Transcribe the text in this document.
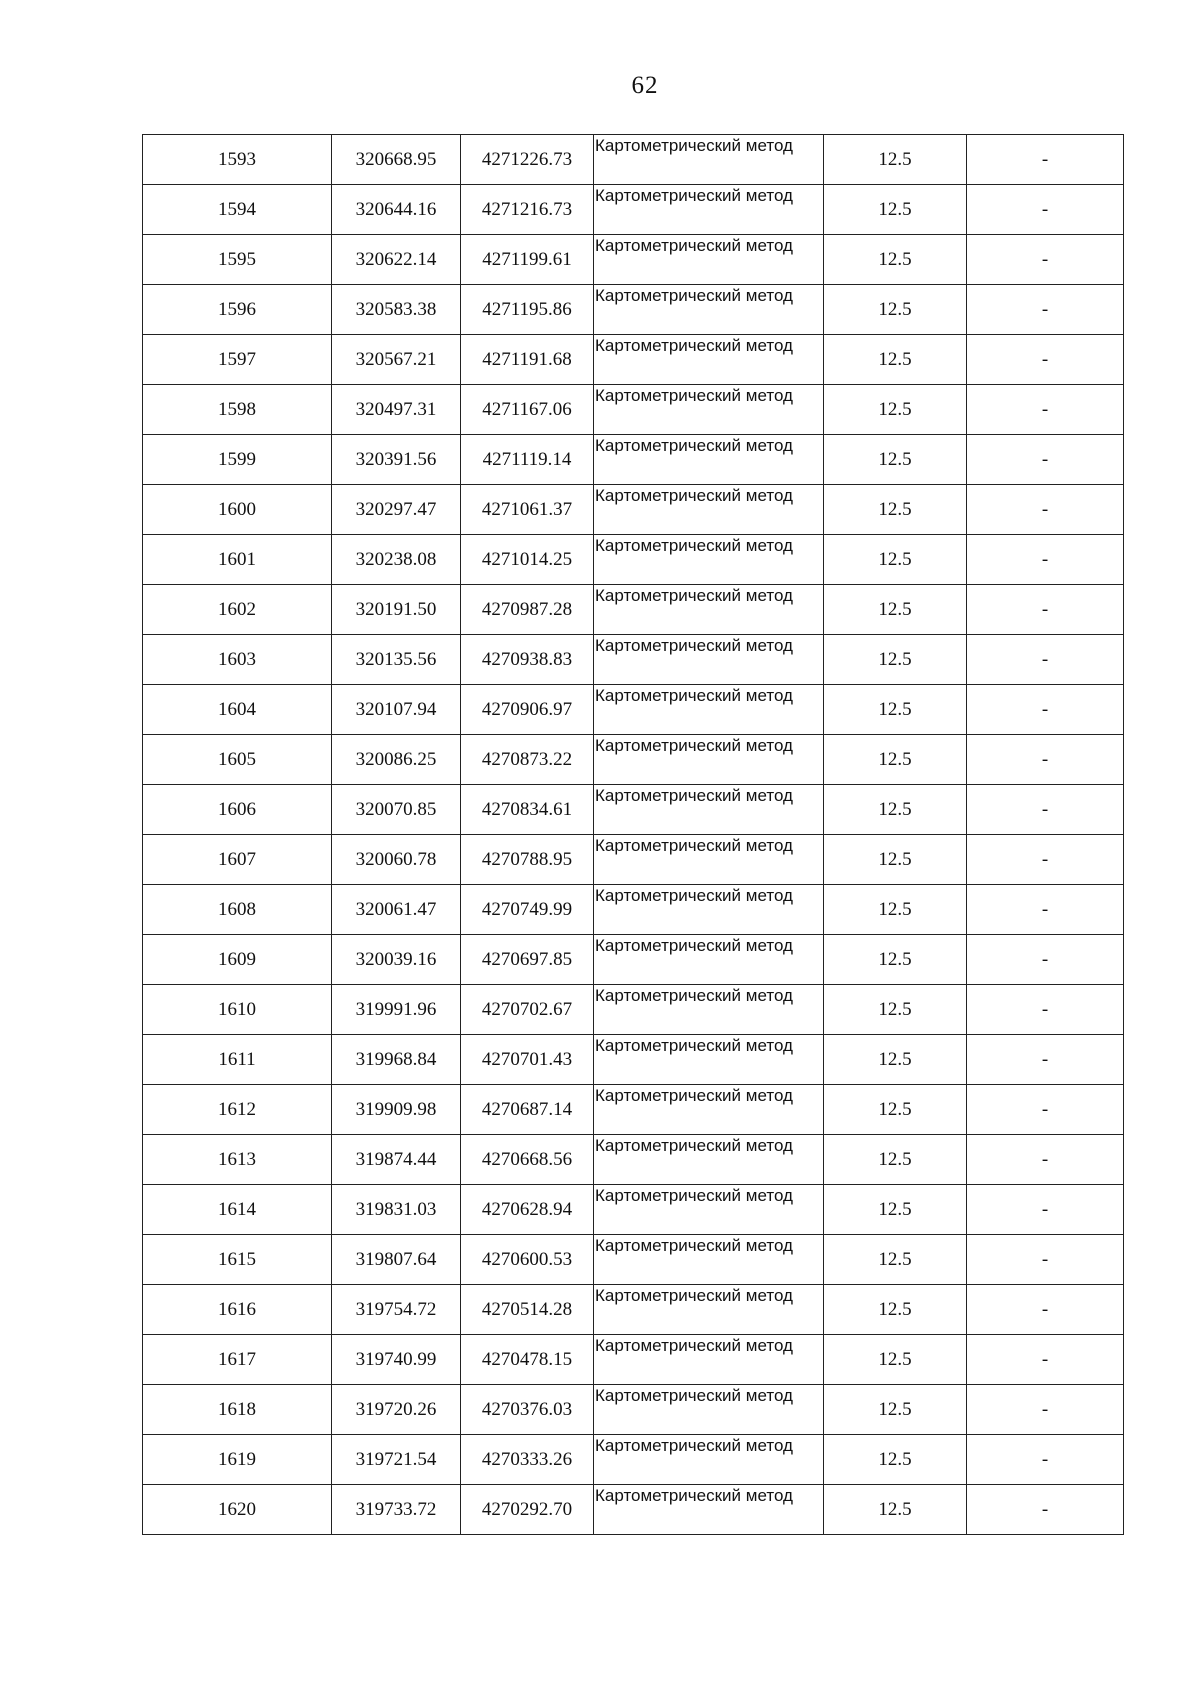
62
1593	320668.95	4271226.73	Картометрический метод	12.5	-
1594	320644.16	4271216.73	Картометрический метод	12.5	-
1595	320622.14	4271199.61	Картометрический метод	12.5	-
1596	320583.38	4271195.86	Картометрический метод	12.5	-
1597	320567.21	4271191.68	Картометрический метод	12.5	-
1598	320497.31	4271167.06	Картометрический метод	12.5	-
1599	320391.56	4271119.14	Картометрический метод	12.5	-
1600	320297.47	4271061.37	Картометрический метод	12.5	-
1601	320238.08	4271014.25	Картометрический метод	12.5	-
1602	320191.50	4270987.28	Картометрический метод	12.5	-
1603	320135.56	4270938.83	Картометрический метод	12.5	-
1604	320107.94	4270906.97	Картометрический метод	12.5	-
1605	320086.25	4270873.22	Картометрический метод	12.5	-
1606	320070.85	4270834.61	Картометрический метод	12.5	-
1607	320060.78	4270788.95	Картометрический метод	12.5	-
1608	320061.47	4270749.99	Картометрический метод	12.5	-
1609	320039.16	4270697.85	Картометрический метод	12.5	-
1610	319991.96	4270702.67	Картометрический метод	12.5	-
1611	319968.84	4270701.43	Картометрический метод	12.5	-
1612	319909.98	4270687.14	Картометрический метод	12.5	-
1613	319874.44	4270668.56	Картометрический метод	12.5	-
1614	319831.03	4270628.94	Картометрический метод	12.5	-
1615	319807.64	4270600.53	Картометрический метод	12.5	-
1616	319754.72	4270514.28	Картометрический метод	12.5	-
1617	319740.99	4270478.15	Картометрический метод	12.5	-
1618	319720.26	4270376.03	Картометрический метод	12.5	-
1619	319721.54	4270333.26	Картометрический метод	12.5	-
1620	319733.72	4270292.70	Картометрический метод	12.5	-
